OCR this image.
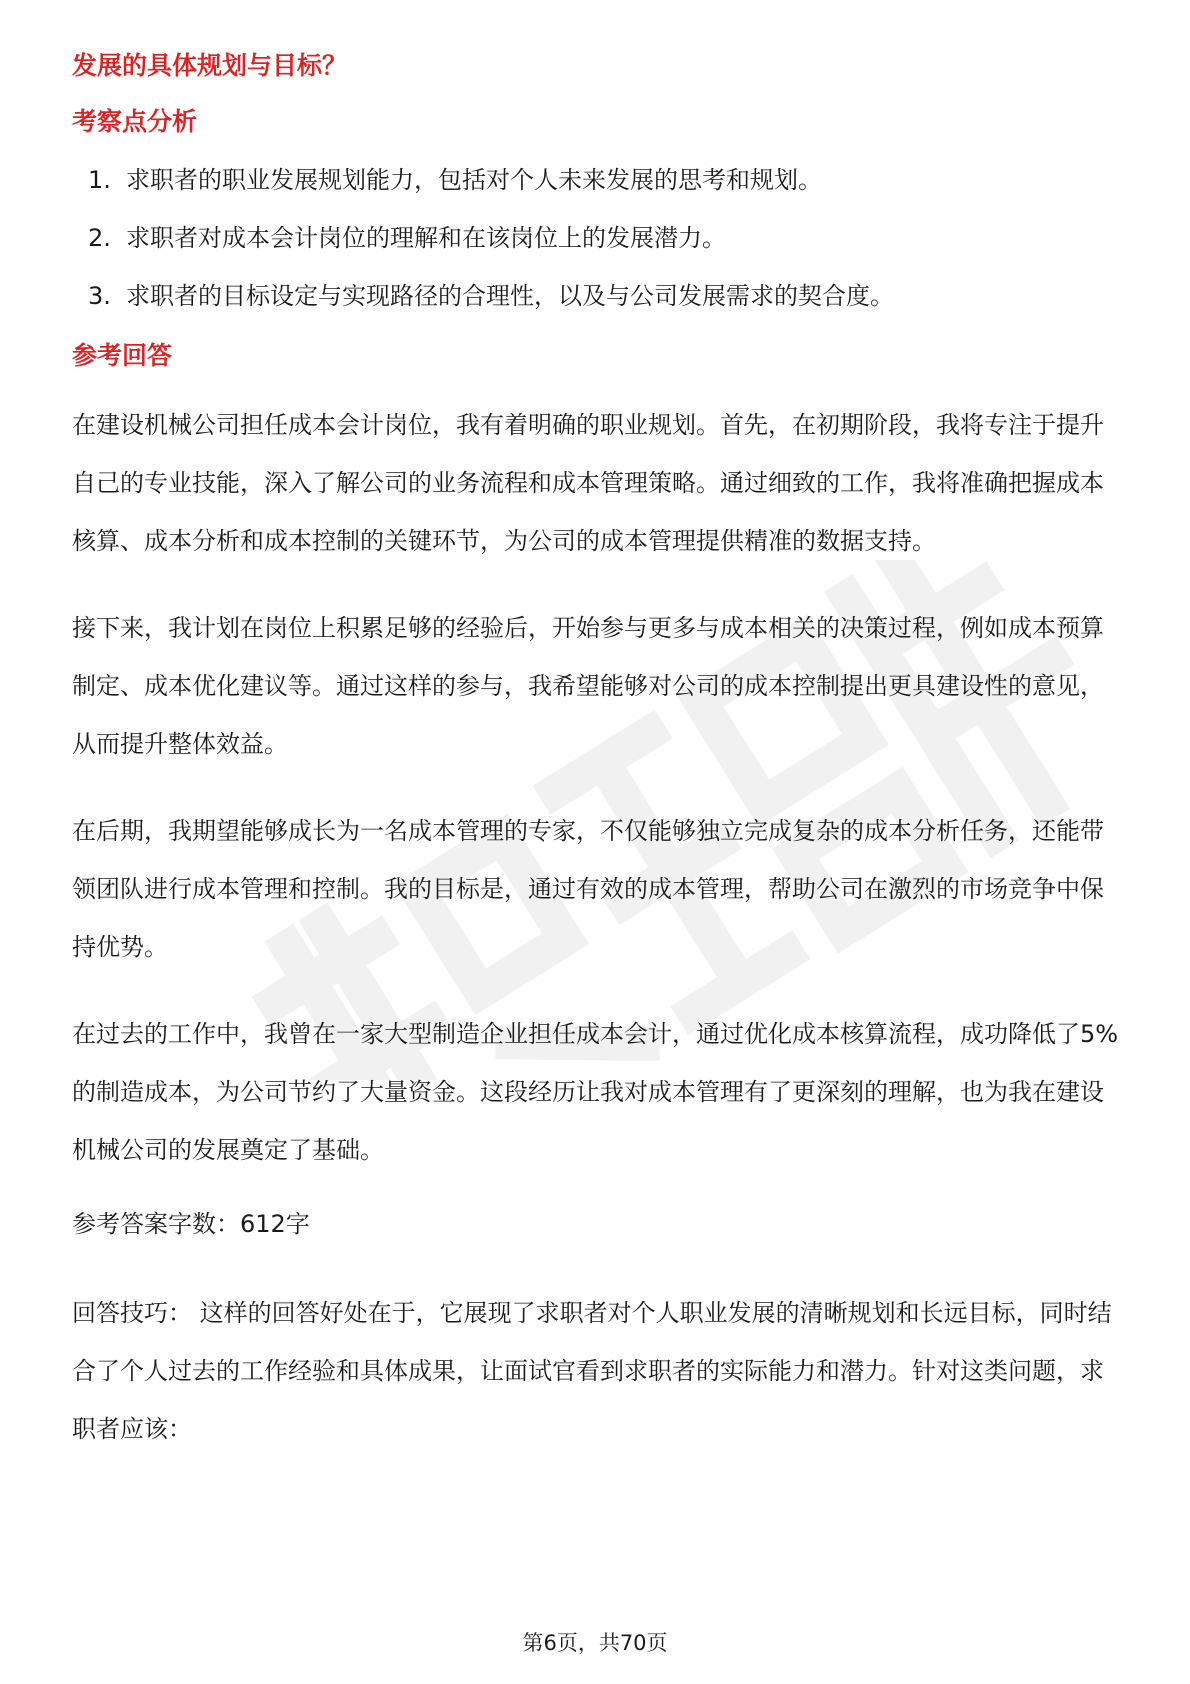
发展的具体规划与目标？

考察点分析

1. 求职者的职业发展规划能力，包括对个人未来发展的思考和规划。
2. 求职者对成本会计岗位的理解和在该岗位上的发展潜力。
3. 求职者的目标设定与实现路径的合理性，以及与公司发展需求的契合度。

参考回答

在建设机械公司担任成本会计岗位，我有着明确的职业规划。首先，在初期阶段，我将专注于提升自己的专业技能，深入了解公司的业务流程和成本管理策略。通过细致的工作，我将准确把握成本核算、成本分析和成本控制的关键环节，为公司的成本管理提供精准的数据支持。

接下来，我计划在岗位上积累足够的经验后，开始参与更多与成本相关的决策过程，例如成本预算制定、成本优化建议等。通过这样的参与，我希望能够对公司的成本控制提出更具建设性的意见，从而提升整体效益。

在后期，我期望能够成长为一名成本管理的专家，不仅能够独立完成复杂的成本分析任务，还能带领团队进行成本管理和控制。我的目标是，通过有效的成本管理，帮助公司在激烈的市场竞争中保持优势。

在过去的工作中，我曾在一家大型制造企业担任成本会计，通过优化成本核算流程，成功降低了5%的制造成本，为公司节约了大量资金。这段经历让我对成本管理有了更深刻的理解，也为我在建设机械公司的发展奠定了基础。

参考答案字数：612字

回答技巧： 这样的回答好处在于，它展现了求职者对个人职业发展的清晰规划和长远目标，同时结合了个人过去的工作经验和具体成果，让面试官看到求职者的实际能力和潜力。针对这类问题，求职者应该：

第6页，共70页
